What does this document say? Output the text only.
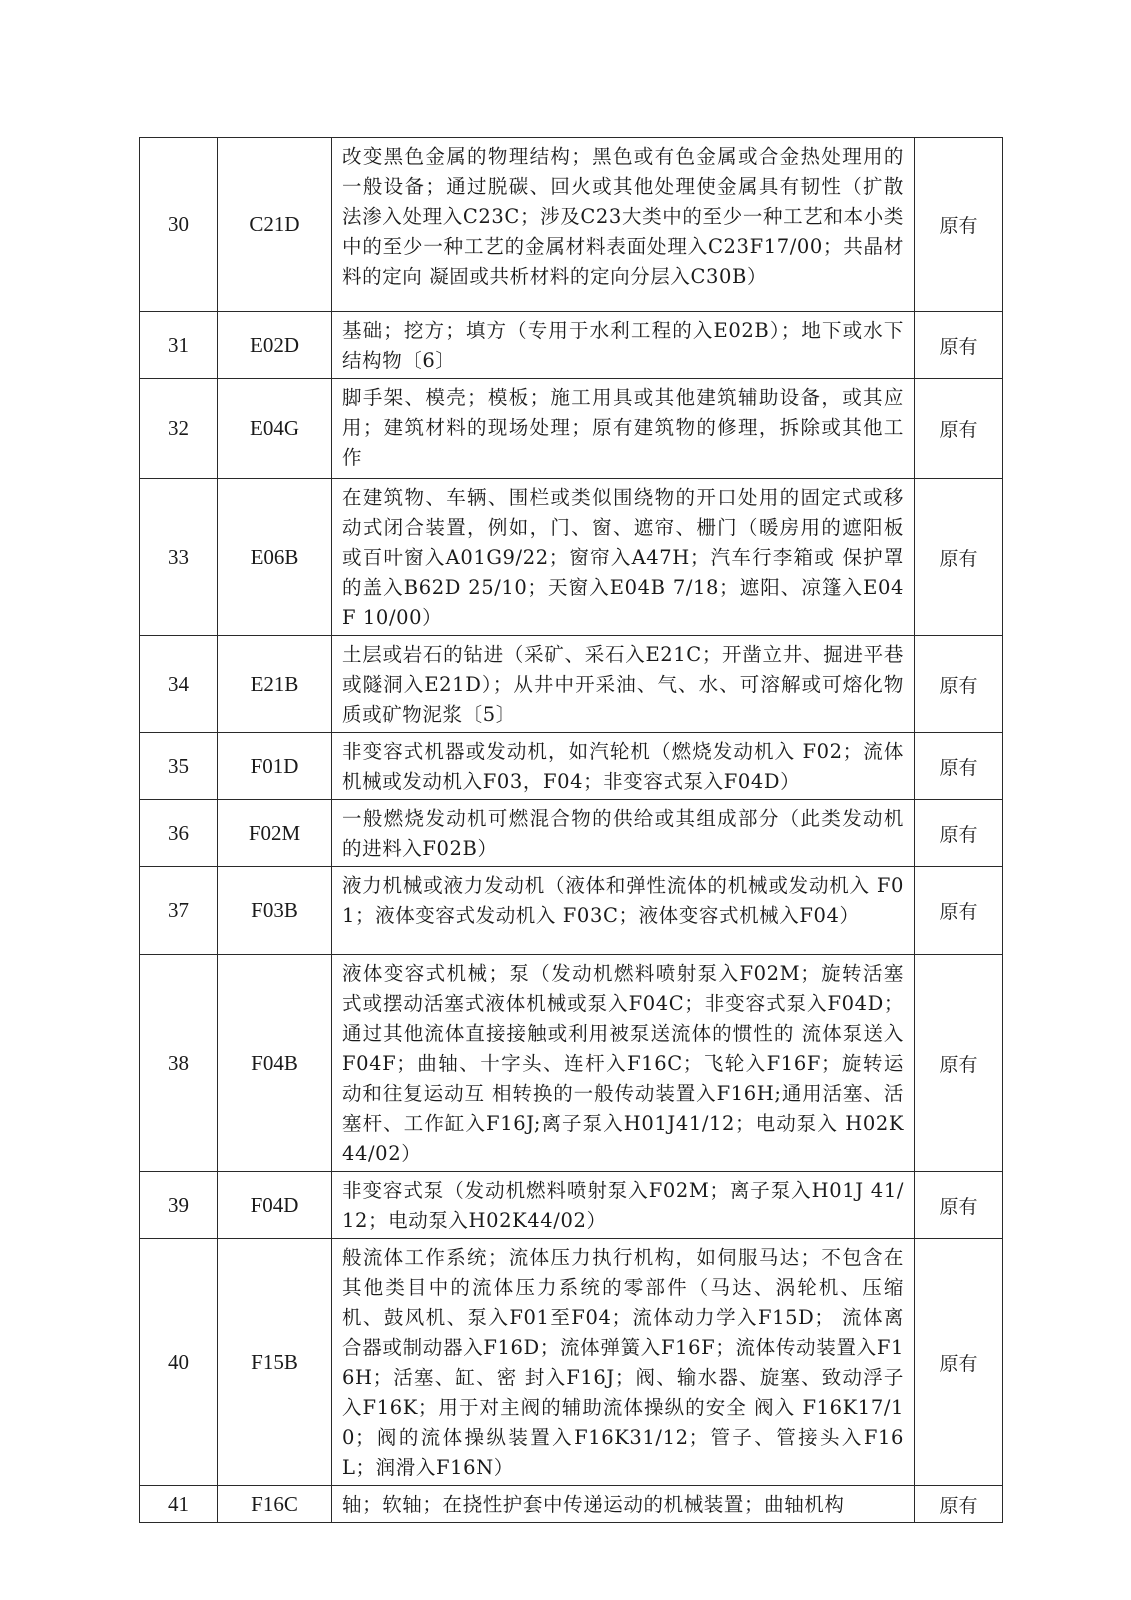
30	C21D	改变黑色金属的物理结构；黑色或有色金属或合金热处理用的一般设备；通过脱碳、回火或其他处理使金属具有韧性（扩散法渗入处理入C23C；涉及C23大类中的至少一种工艺和本小类中的至少一种工艺的金属材料表面处理入C23F17/00；共晶材料的定向 凝固或共析材料的定向分层入C30B）	原有
31	E02D	基础；挖方；填方（专用于水利工程的入E02B）；地下或水下结构物〔6〕	原有
32	E04G	脚手架、模壳；模板；施工用具或其他建筑辅助设备，或其应用；建筑材料的现场处理；原有建筑物的修理，拆除或其他工作	原有
33	E06B	在建筑物、车辆、围栏或类似围绕物的开口处用的固定式或移动式闭合装置，例如，门、窗、遮帘、栅门（暖房用的遮阳板或百叶窗入A01G9/22；窗帘入A47H；汽车行李箱或 保护罩的盖入B62D 25/10；天窗入E04B 7/18；遮阳、凉篷入E04F 10/00）	原有
34	E21B	土层或岩石的钻进（采矿、采石入E21C；开凿立井、掘进平巷或隧洞入E21D）；从井中开采油、气、水、可溶解或可熔化物质或矿物泥浆〔5〕	原有
35	F01D	非变容式机器或发动机，如汽轮机（燃烧发动机入 F02；流体机械或发动机入F03，F04；非变容式泵入F04D）	原有
36	F02M	一般燃烧发动机可燃混合物的供给或其组成部分（此类发动机的进料入F02B）	原有
37	F03B	液力机械或液力发动机（液体和弹性流体的机械或发动机入 F01；液体变容式发动机入 F03C；液体变容式机械入F04）	原有
38	F04B	液体变容式机械；泵（发动机燃料喷射泵入F02M；旋转活塞式或摆动活塞式液体机械或泵入F04C；非变容式泵入F04D；通过其他流体直接接触或利用被泵送流体的惯性的 流体泵送入F04F；曲轴、十字头、连杆入F16C；飞轮入F16F；旋转运动和往复运动互 相转换的一般传动装置入F16H;通用活塞、活塞杆、工作缸入F16J;离子泵入H01J41/12；电动泵入 H02K44/02）	原有
39	F04D	非变容式泵（发动机燃料喷射泵入F02M；离子泵入H01J 41/12；电动泵入H02K44/02）	原有
40	F15B	般流体工作系统；流体压力执行机构，如伺服马达；不包含在其他类目中的流体压力系统的零部件（马达、涡轮机、压缩机、鼓风机、泵入F01至F04；流体动力学入F15D； 流体离合器或制动器入F16D；流体弹簧入F16F；流体传动装置入F16H；活塞、缸、密 封入F16J；阀、输水器、旋塞、致动浮子入F16K；用于对主阀的辅助流体操纵的安全 阀入 F16K17/10；阀的流体操纵装置入F16K31/12；管子、管接头入F16L；润滑入F16N）	原有
41	F16C	轴；软轴；在挠性护套中传递运动的机械装置；曲轴机构	原有
